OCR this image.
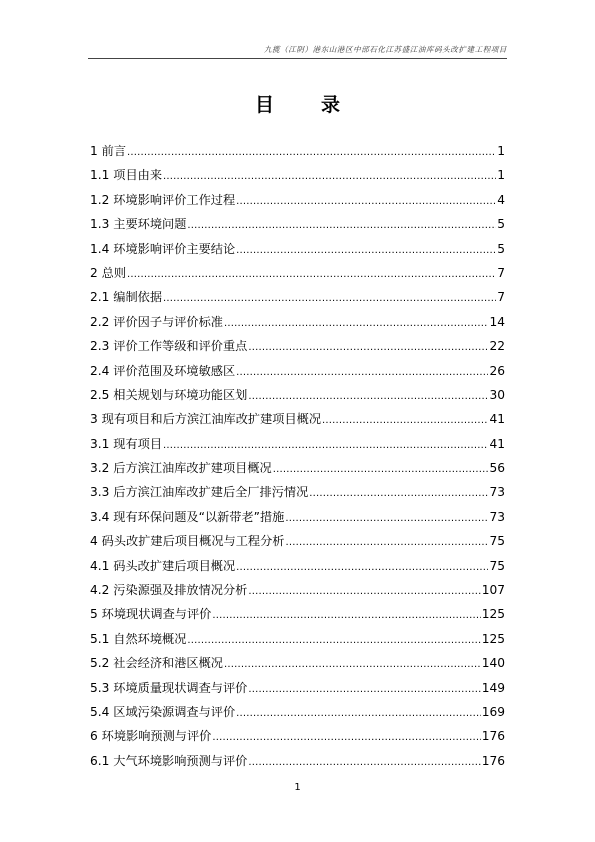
九揽（江阴）港东山港区中部石化江苏盛江油库码头改扩建工程项目
目　录
1 前言 .....	1
1.1 项目由来 .....	1
1.2 环境影响评价工作过程 .....	4
1.3 主要环境问题 .....	5
1.4 环境影响评价主要结论 .....	5
2 总则 .....	7
2.1 编制依据 .....	7
2.2 评价因子与评价标准 .....	14
2.3 评价工作等级和评价重点 .....	22
2.4 评价范围及环境敏感区 .....	26
2.5 相关规划与环境功能区划 .....	30
3 现有项目和后方滨江油库改扩建项目概况 .....	41
3.1 现有项目 .....	41
3.2 后方滨江油库改扩建项目概况 .....	56
3.3 后方滨江油库改扩建后全厂排污情况 .....	73
3.4 现有环保问题及“以新带老”措施 .....	73
4 码头改扩建后项目概况与工程分析 .....	75
4.1 码头改扩建后项目概况 .....	75
4.2 污染源强及排放情况分析 .....	107
5 环境现状调查与评价 .....	125
5.1 自然环境概况 .....	125
5.2 社会经济和港区概况 .....	140
5.3 环境质量现状调查与评价 .....	149
5.4 区域污染源调查与评价 .....	169
6 环境影响预测与评价 .....	176
6.1 大气环境影响预测与评价 .....	176
1
